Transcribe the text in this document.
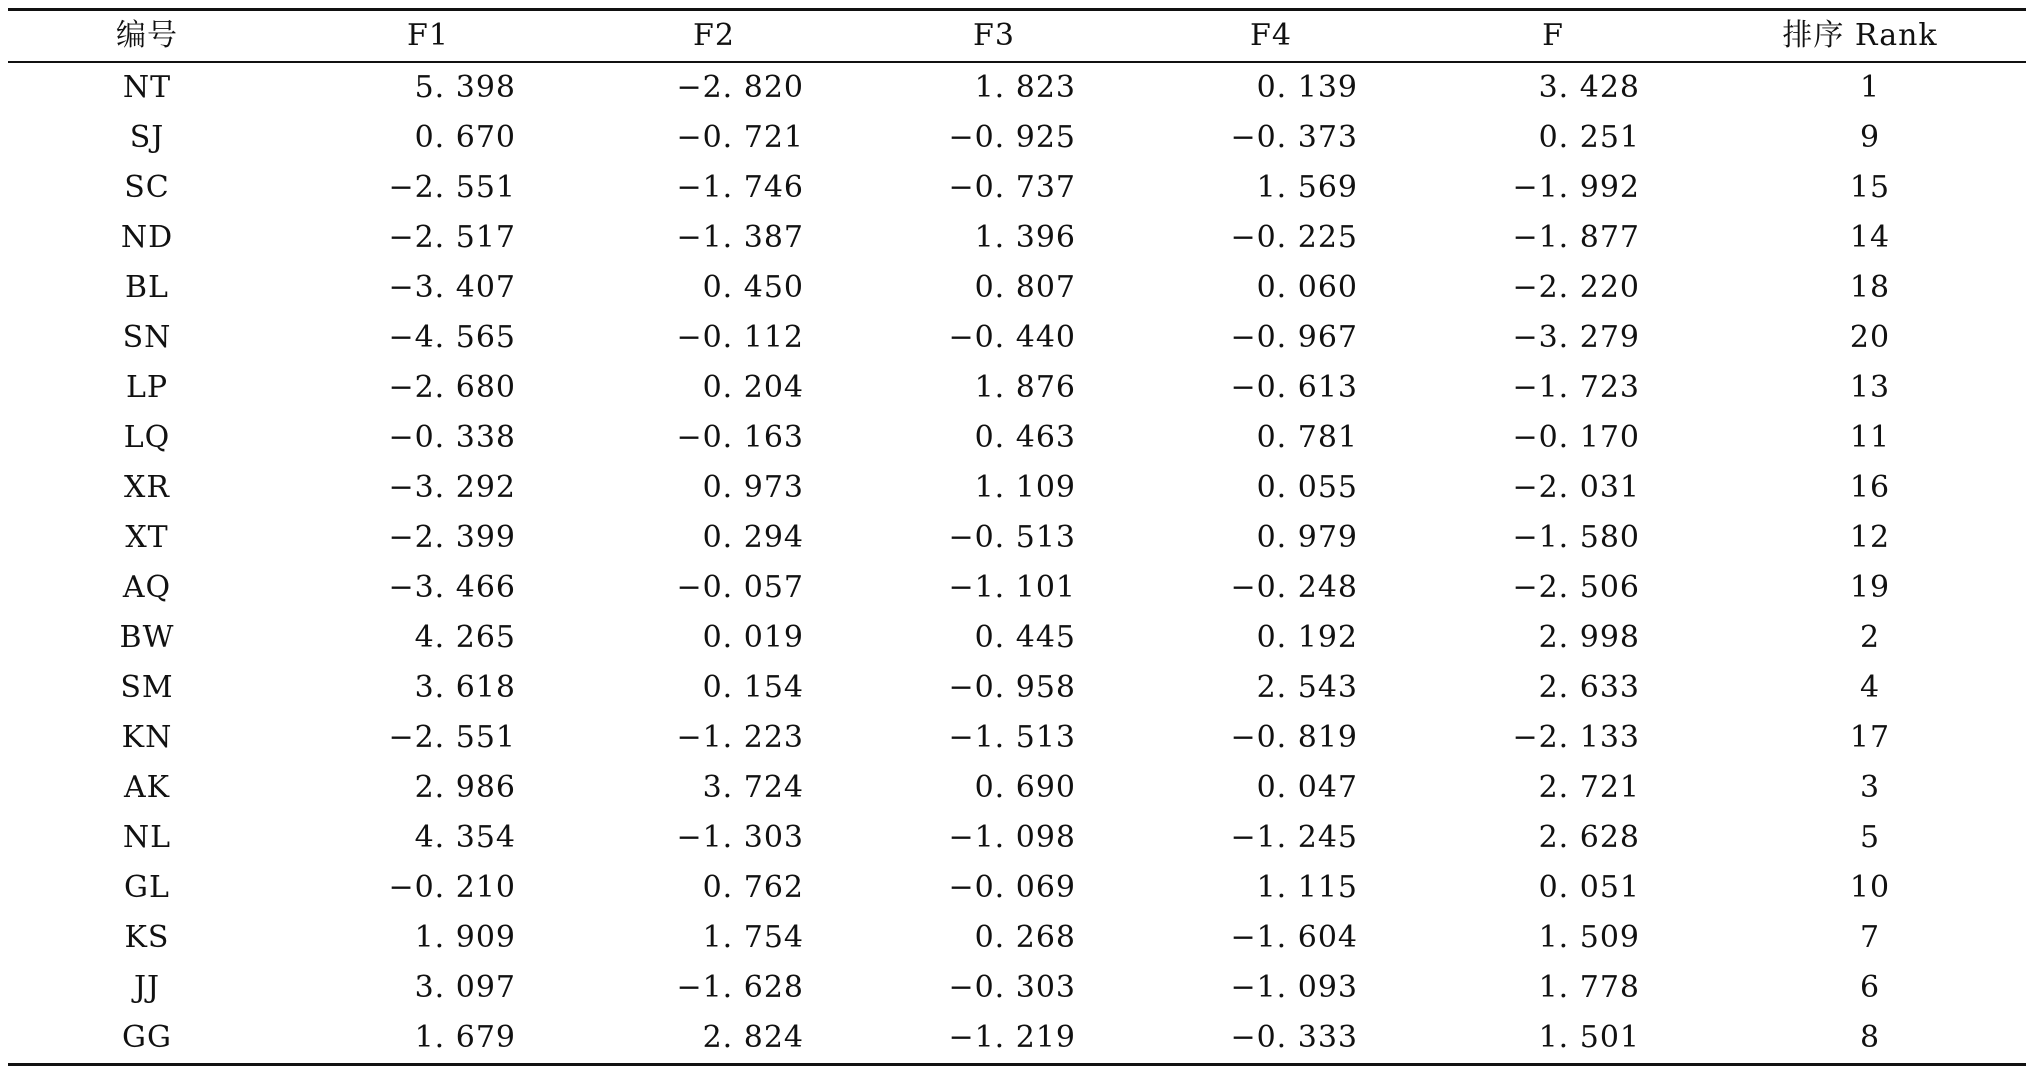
编号	F1	F2	F3	F4	F	排序 Rank
NT	5. 398	−2. 820	1. 823	0. 139	3. 428	1
SJ	0. 670	−0. 721	−0. 925	−0. 373	0. 251	9
SC	−2. 551	−1. 746	−0. 737	1. 569	−1. 992	15
ND	−2. 517	−1. 387	1. 396	−0. 225	−1. 877	14
BL	−3. 407	0. 450	0. 807	0. 060	−2. 220	18
SN	−4. 565	−0. 112	−0. 440	−0. 967	−3. 279	20
LP	−2. 680	0. 204	1. 876	−0. 613	−1. 723	13
LQ	−0. 338	−0. 163	0. 463	0. 781	−0. 170	11
XR	−3. 292	0. 973	1. 109	0. 055	−2. 031	16
XT	−2. 399	0. 294	−0. 513	0. 979	−1. 580	12
AQ	−3. 466	−0. 057	−1. 101	−0. 248	−2. 506	19
BW	4. 265	0. 019	0. 445	0. 192	2. 998	2
SM	3. 618	0. 154	−0. 958	2. 543	2. 633	4
KN	−2. 551	−1. 223	−1. 513	−0. 819	−2. 133	17
AK	2. 986	3. 724	0. 690	0. 047	2. 721	3
NL	4. 354	−1. 303	−1. 098	−1. 245	2. 628	5
GL	−0. 210	0. 762	−0. 069	1. 115	0. 051	10
KS	1. 909	1. 754	0. 268	−1. 604	1. 509	7
JJ	3. 097	−1. 628	−0. 303	−1. 093	1. 778	6
GG	1. 679	2. 824	−1. 219	−0. 333	1. 501	8
